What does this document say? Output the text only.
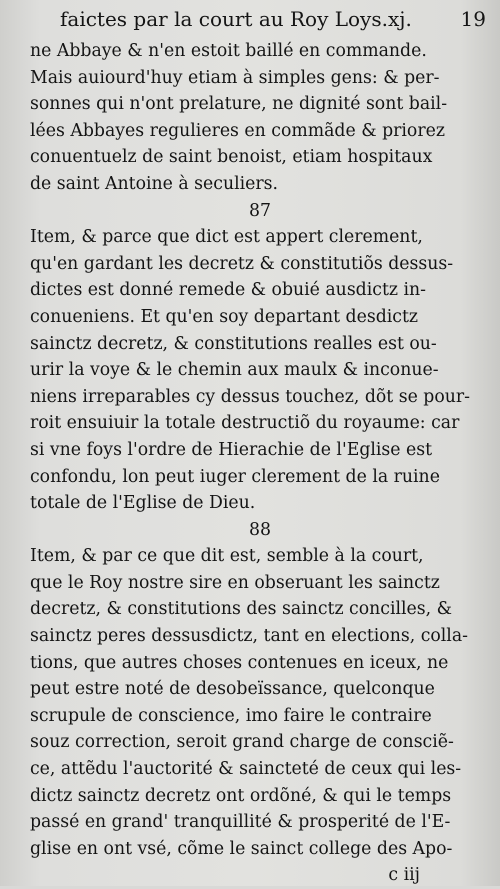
faictes par la court au Roy Loys.xj. 19
ne Abbaye & n'en estoit baillé en commande.
Mais auiourd'huy etiam à simples gens: & per-
sonnes qui n'ont prelature, ne dignité sont bail-
lées Abbayes regulieres en commãde & priorez
conuentuelz de saint benoist, etiam hospitaux
de saint Antoine à seculiers.
87
Item, & parce que dict est appert clerement,
qu'en gardant les decretz & constitutiõs dessus-
dictes est donné remede & obuié ausdictz in-
conueniens. Et qu'en soy departant desdictz
sainctz decretz, & constitutions realles est ou-
urir la voye & le chemin aux maulx & inconue-
niens irreparables cy dessus touchez, dõt se pour-
roit ensuiuir la totale destructiõ du royaume: car
si vne foys l'ordre de Hierachie de l'Eglise est
confondu, lon peut iuger clerement de la ruine
totale de l'Eglise de Dieu.
88
Item, & par ce que dit est, semble à la court,
que le Roy nostre sire en obseruant les sainctz
decretz, & constitutions des sainctz concilles, &
sainctz peres dessusdictz, tant en elections, colla-
tions, que autres choses contenues en iceux, ne
peut estre noté de desobeïssance, quelconque
scrupule de conscience, imo faire le contraire
souz correction, seroit grand charge de consciẽ-
ce, attẽdu l'auctorité & saincteté de ceux qui les-
dictz sainctz decretz ont ordõné, & qui le temps
passé en grand' tranquillité & prosperité de l'E-
glise en ont vsé, cõme le sainct college des Apo-
c iij
